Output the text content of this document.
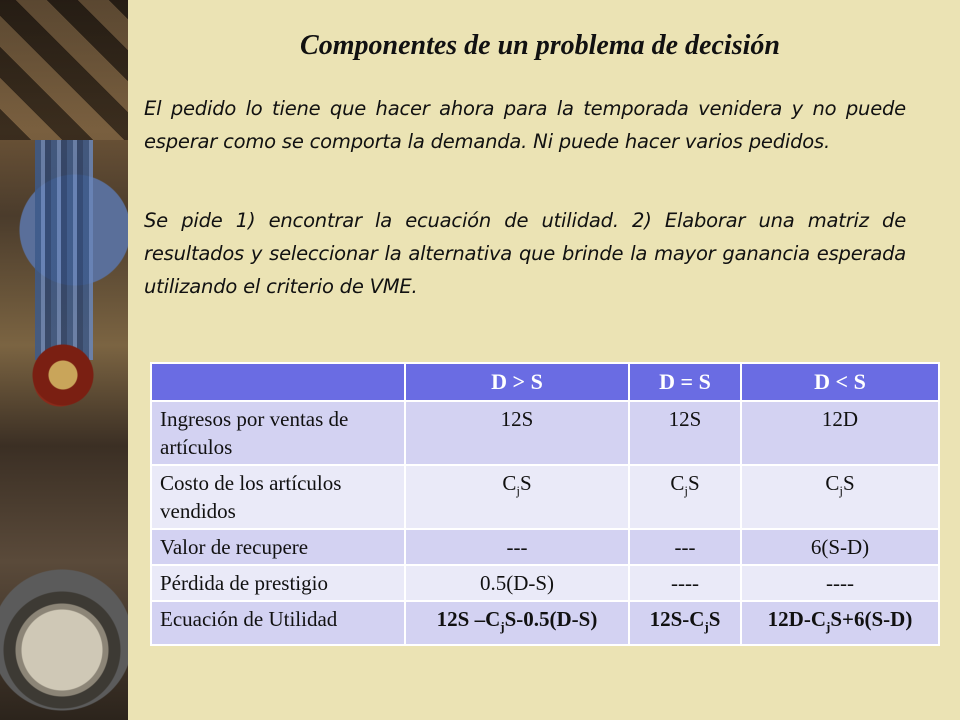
Componentes de un problema de decisión
El pedido lo tiene que hacer ahora para la temporada venidera y no puede esperar como se comporta la demanda. Ni puede hacer varios pedidos.
Se pide 1) encontrar la ecuación de utilidad. 2) Elaborar una matriz de resultados y seleccionar la alternativa que brinde la mayor ganancia esperada utilizando el criterio de VME.
	D > S	D = S	D < S
Ingresos por ventas de artículos	12S	12S	12D
Costo de los artículos vendidos	$C_jS$	$C_jS$	$C_jS$
Valor de recupere	---	---	6(S-D)
Pérdida de prestigio	0.5(D-S)	----	----
Ecuación de Utilidad	12S $-C_jS-0.5(D-S)$	$12S-C_jS$	$12D-C_jS+6(S-D)$
